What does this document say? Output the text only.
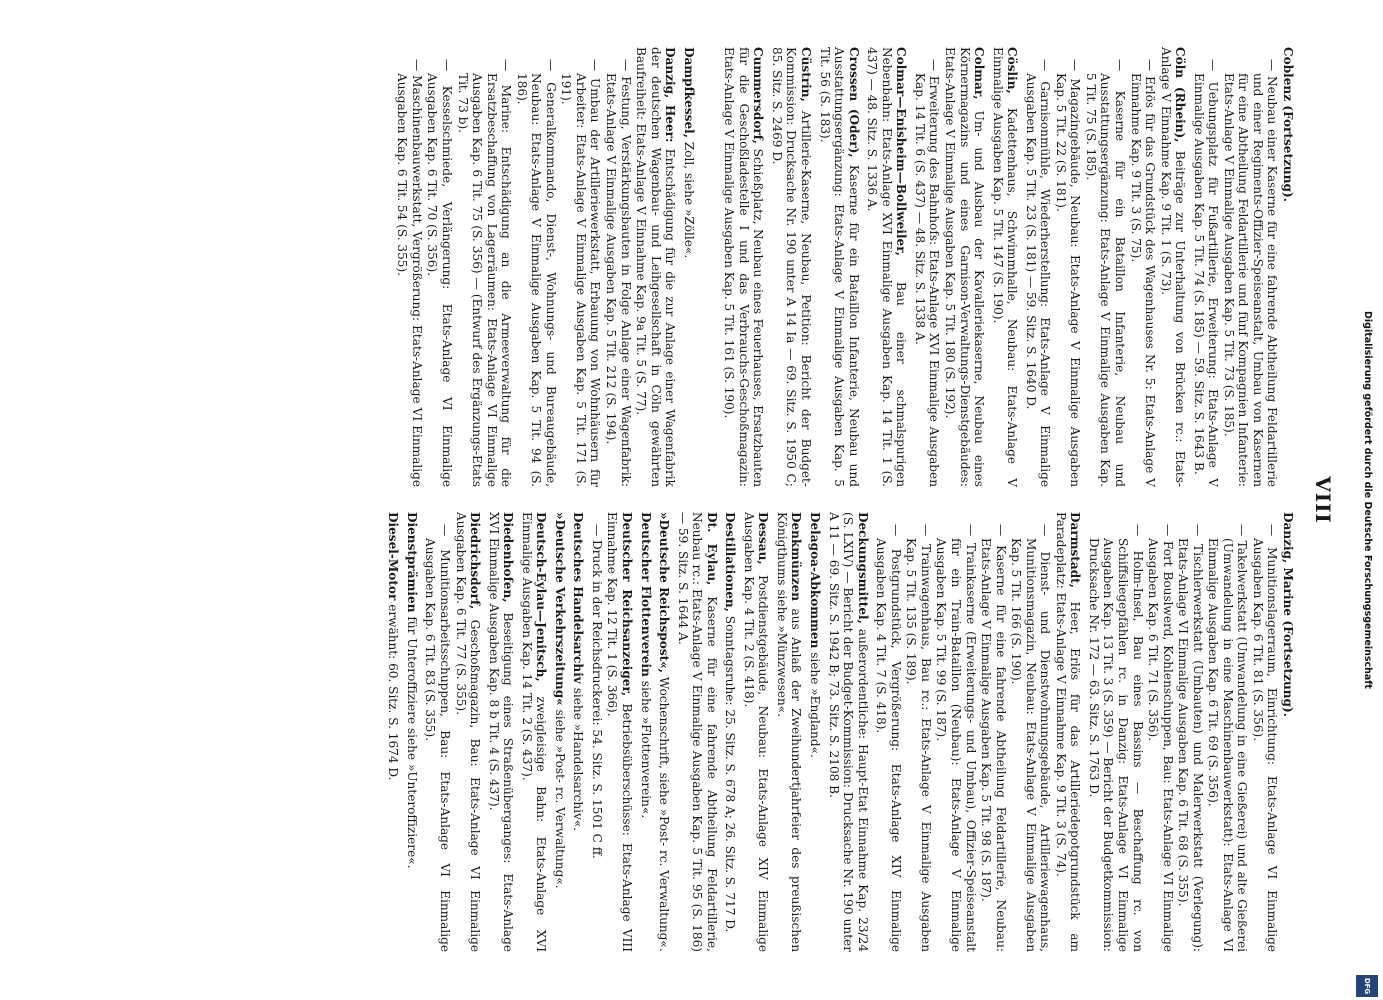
VIII
Coblenz (Fortsetzung).
— Neubau einer Kaserne für eine fahrende Abtheilung Feldartillerie und einer Regiments-Offizier-Speiseanstalt, Umbau von Kasernen für eine Abtheilung Feldartillerie und fünf Kompagnien Infanterie: Etats-Anlage V Einmalige Ausgaben Kap. 5 Tit. 73 (S. 185).
— Uebungsplatz für Fußartillerie, Erweiterung: Etats-Anlage V Einmalige Ausgaben Kap. 5 Tit. 74 (S. 185) — 59. Sitz. S. 1643 B.
Cöln (Rhein), Beiträge zur Unterhaltung von Brücken rc.: Etats-Anlage V Einnahme Kap. 9 Tit. 1 (S. 73).
— Erlös für das Grundstück des Wagenhauses Nr. 5: Etats-Anlage V Einnahme Kap. 9 Tit. 3 (S. 75).
— Kaserne für ein Bataillon Infanterie, Neubau und Ausstattungsergänzung: Etats-Anlage V Einmalige Ausgaben Kap. 5 Tit. 75 (S. 185).
— Magazingebäude, Neubau: Etats-Anlage V Einmalige Ausgaben Kap. 5 Tit. 22 (S. 181).
— Garnisonmühle, Wiederherstellung: Etats-Anlage V Einmalige Ausgaben Kap. 5 Tit. 23 (S. 181) — 59. Sitz. S. 1640 D.
Cöslin, Kadettenhaus, Schwimmhalle, Neubau: Etats-Anlage V Einmalige Ausgaben Kap. 5 Tit. 147 (S. 190).
Colmar, Um- und Ausbau der Kavalleriekaserne, Neubau eines Körnermagazins und eines Garnison-Verwaltungs-Dienstgebäudes: Etats-Anlage V Einmalige Ausgaben Kap. 5 Tit. 180 (S. 192).
— Erweiterung des Bahnhofs: Etats-Anlage XVI Einmalige Ausgaben Kap. 14 Tit. 6 (S. 437) — 48. Sitz. S. 1338 A.
Colmar—Enisheim—Bollweiler, Bau einer schmalspurigen Nebenbahn: Etats-Anlage XVI Einmalige Ausgaben Kap. 14 Tit. 1 (S. 437) — 48. Sitz. S. 1336 A.
Crossen (Oder), Kaserne für ein Bataillon Infanterie, Neubau und Ausstattungsergänzung: Etats-Anlage V Einmalige Ausgaben Kap. 5 Tit. 56 (S. 183).
Cüstrin, Artillerie-Kaserne, Neubau, Petition: Bericht der Budget-Kommission: Drucksache Nr. 190 unter A 14 Ia — 69. Sitz. S. 1950 C; 85. Sitz. S. 2469 D.
Cummersdorf, Schießplatz, Neubau eines Feuerhauses, Ersatzbauten für die Geschoßladestelle I und das Verbrauchs-Geschoßmagazin: Etats-Anlage V Einmalige Ausgaben Kap. 5 Tit. 161 (S. 190).
Dampfkessel, Zoll, siehe »Zölle«.
Danzig, Heer: Entschädigung für die zur Anlage einer Wagenfabrik der deutschen Wagenbau- und Leihgesellschaft in Cöln gewährten Baufreiheit: Etats-Anlage V Einnahme Kap. 9a Tit. 5 (S. 77).
— Festung, Verstärkungsbauten in Folge Anlage einer Wagenfabrik: Etats-Anlage V Einmalige Ausgaben Kap. 5 Tit. 212 (S. 194).
— Umbau der Artilleriewerkstatt, Erbauung von Wohnhäusern für Arbeiter: Etats-Anlage V Einmalige Ausgaben Kap. 5 Tit. 171 (S. 191).
— Generalkommando, Dienst-, Wohnungs- und Bureaugebäude, Neubau: Etats-Anlage V Einmalige Ausgaben Kap. 5 Tit. 94 (S. 186).
— Marine: Entschädigung an die Armeeverwaltung für die Ersatzbeschaffung von Lagerräumen: Etats-Anlage VI Einmalige Ausgaben Kap. 6 Tit. 75 (S. 356) — (Entwurf des Ergänzungs-Etats Tit. 73 b).
— Kesselschmiede, Verlängerung: Etats-Anlage VI Einmalige Ausgaben Kap. 6 Tit. 70 (S. 356).
— Maschinenbauwerkstatt, Vergrößerung: Etats-Anlage VI Einmalige Ausgaben Kap. 6 Tit. 54 (S. 355).
Danzig, Marine (Fortsetzung).
— Munitionslagerraum, Einrichtung: Etats-Anlage VI Einmalige Ausgaben Kap. 6 Tit. 81 (S. 356).
— Takelwerkstatt (Umwandelung in eine Gießerei) und alte Gießerei (Umwandelung in eine Maschinenbauwerkstatt): Etats-Anlage VI Einmalige Ausgaben Kap. 6 Tit. 69 (S. 356).
— Tischlerwerkstatt (Umbauten) und Malerwerkstatt (Verlegung): Etats-Anlage VI Einmalige Ausgaben Kap. 6 Tit. 68 (S. 355).
— Fort Bouslwerd, Kohlenschuppen, Bau: Etats-Anlage VI Einmalige Ausgaben Kap. 6 Tit. 71 (S. 356).
— Holm-Insel, Bau eines Bassins — Beschaffung rc. von Schiffsliegepfählen rc. in Danzig: Etats-Anlage VI Einmalige Ausgaben Kap. 13 Tit. 3 (S. 359) — Bericht der Budgetkommission: Drucksache Nr. 172 — 63. Sitz. S. 1763 D.
Darmstadt, Heer, Erlös für das Artilleriedepotgrundstück am Paradeplatz: Etats-Anlage V Einnahme Kap. 9 Tit. 3 (S. 74).
— Dienst- und Dienstwohnungsgebäude, Artilleriewagenhaus, Munitionsmagazin, Neubau: Etats-Anlage V Einmalige Ausgaben Kap. 5 Tit. 166 (S. 190).
— Kaserne für eine fahrende Abtheilung Feldartillerie, Neubau: Etats-Anlage V Einmalige Ausgaben Kap. 5 Tit. 98 (S. 187).
— Trainkaserne (Erweiterungs- und Umbau), Offizier-Speiseanstalt für ein Train-Bataillon (Neubau): Etats-Anlage V Einmalige Ausgaben Kap. 5 Tit. 99 (S. 187).
— Trainwagenhaus, Bau rc.: Etats-Anlage V Einmalige Ausgaben Kap. 5 Tit. 135 (S. 189).
— Postgrundstück, Vergrößerung: Etats-Anlage XIV Einmalige Ausgaben Kap. 4 Tit. 7 (S. 418).
Deckungsmittel, außerordentliche: Haupt-Etat Einnahme Kap. 23/24 (S. LXIV) — Bericht der Budget-Kommission: Drucksache Nr. 190 unter A 11 — 69. Sitz. S. 1942 B; 73. Sitz. S. 2108 B.
Delagoa-Abkommen siehe »England«.
Denkmünzen aus Anlaß der Zweihundertjahrfeier des preußischen Königthums siehe »Münzwesen«.
Dessau, Postdienstgebäude, Neubau: Etats-Anlage XIV Einmalige Ausgaben Kap. 4 Tit. 2 (S. 418).
Destillationen, Sonntagsruhe: 25. Sitz. S. 678 A; 26. Sitz. S. 717 D.
Dt. Eylau, Kaserne für eine fahrende Abtheilung Feldartillerie, Neubau rc.: Etats-Anlage V Einmalige Ausgaben Kap. 5 Tit. 95 (S. 186) — 59. Sitz. S. 1644 A.
»Deutsche Reichspost«, Wochenschrift, siehe »Post- rc. Verwaltung«.
Deutscher Flottenverein siehe »Flottenverein«.
Deutscher Reichsanzeiger, Betriebsüberschüsse: Etats-Anlage VIII Einnahme Kap. 12 Tit. 1 (S. 366).
— Druck in der Reichsdruckerei: 54. Sitz. S. 1501 C ff.
Deutsches Handelsarchiv siehe »Handelsarchiv«.
»Deutsche Verkehrszeitung« siehe »Post- rc. Verwaltung«.
Deutsch-Eylau—Jenitsch, zweigleisige Bahn: Etats-Anlage XVI Einmalige Ausgaben Kap. 14 Tit. 2 (S. 437).
Diedenhofen, Beseitigung eines Straßenüberganges: Etats-Anlage XVI Einmalige Ausgaben Kap. 8 b Tit. 4 (S. 437).
Diedrichsdorf, Geschoßmagazin, Bau: Etats-Anlage VI Einmalige Ausgaben Kap. 6 Tit. 77 (S. 355).
— Munitionsarbeitsschuppen, Bau: Etats-Anlage VI Einmalige Ausgaben Kap. 6 Tit. 83 (S. 355).
Dienstprämien für Unteroffiziere siehe »Unteroffiziere«.
Diesel-Motor erwähnt: 60. Sitz. S. 1674 D.
Digitalisierung gefördert durch die Deutsche Forschungsgemeinschaft
DFG
